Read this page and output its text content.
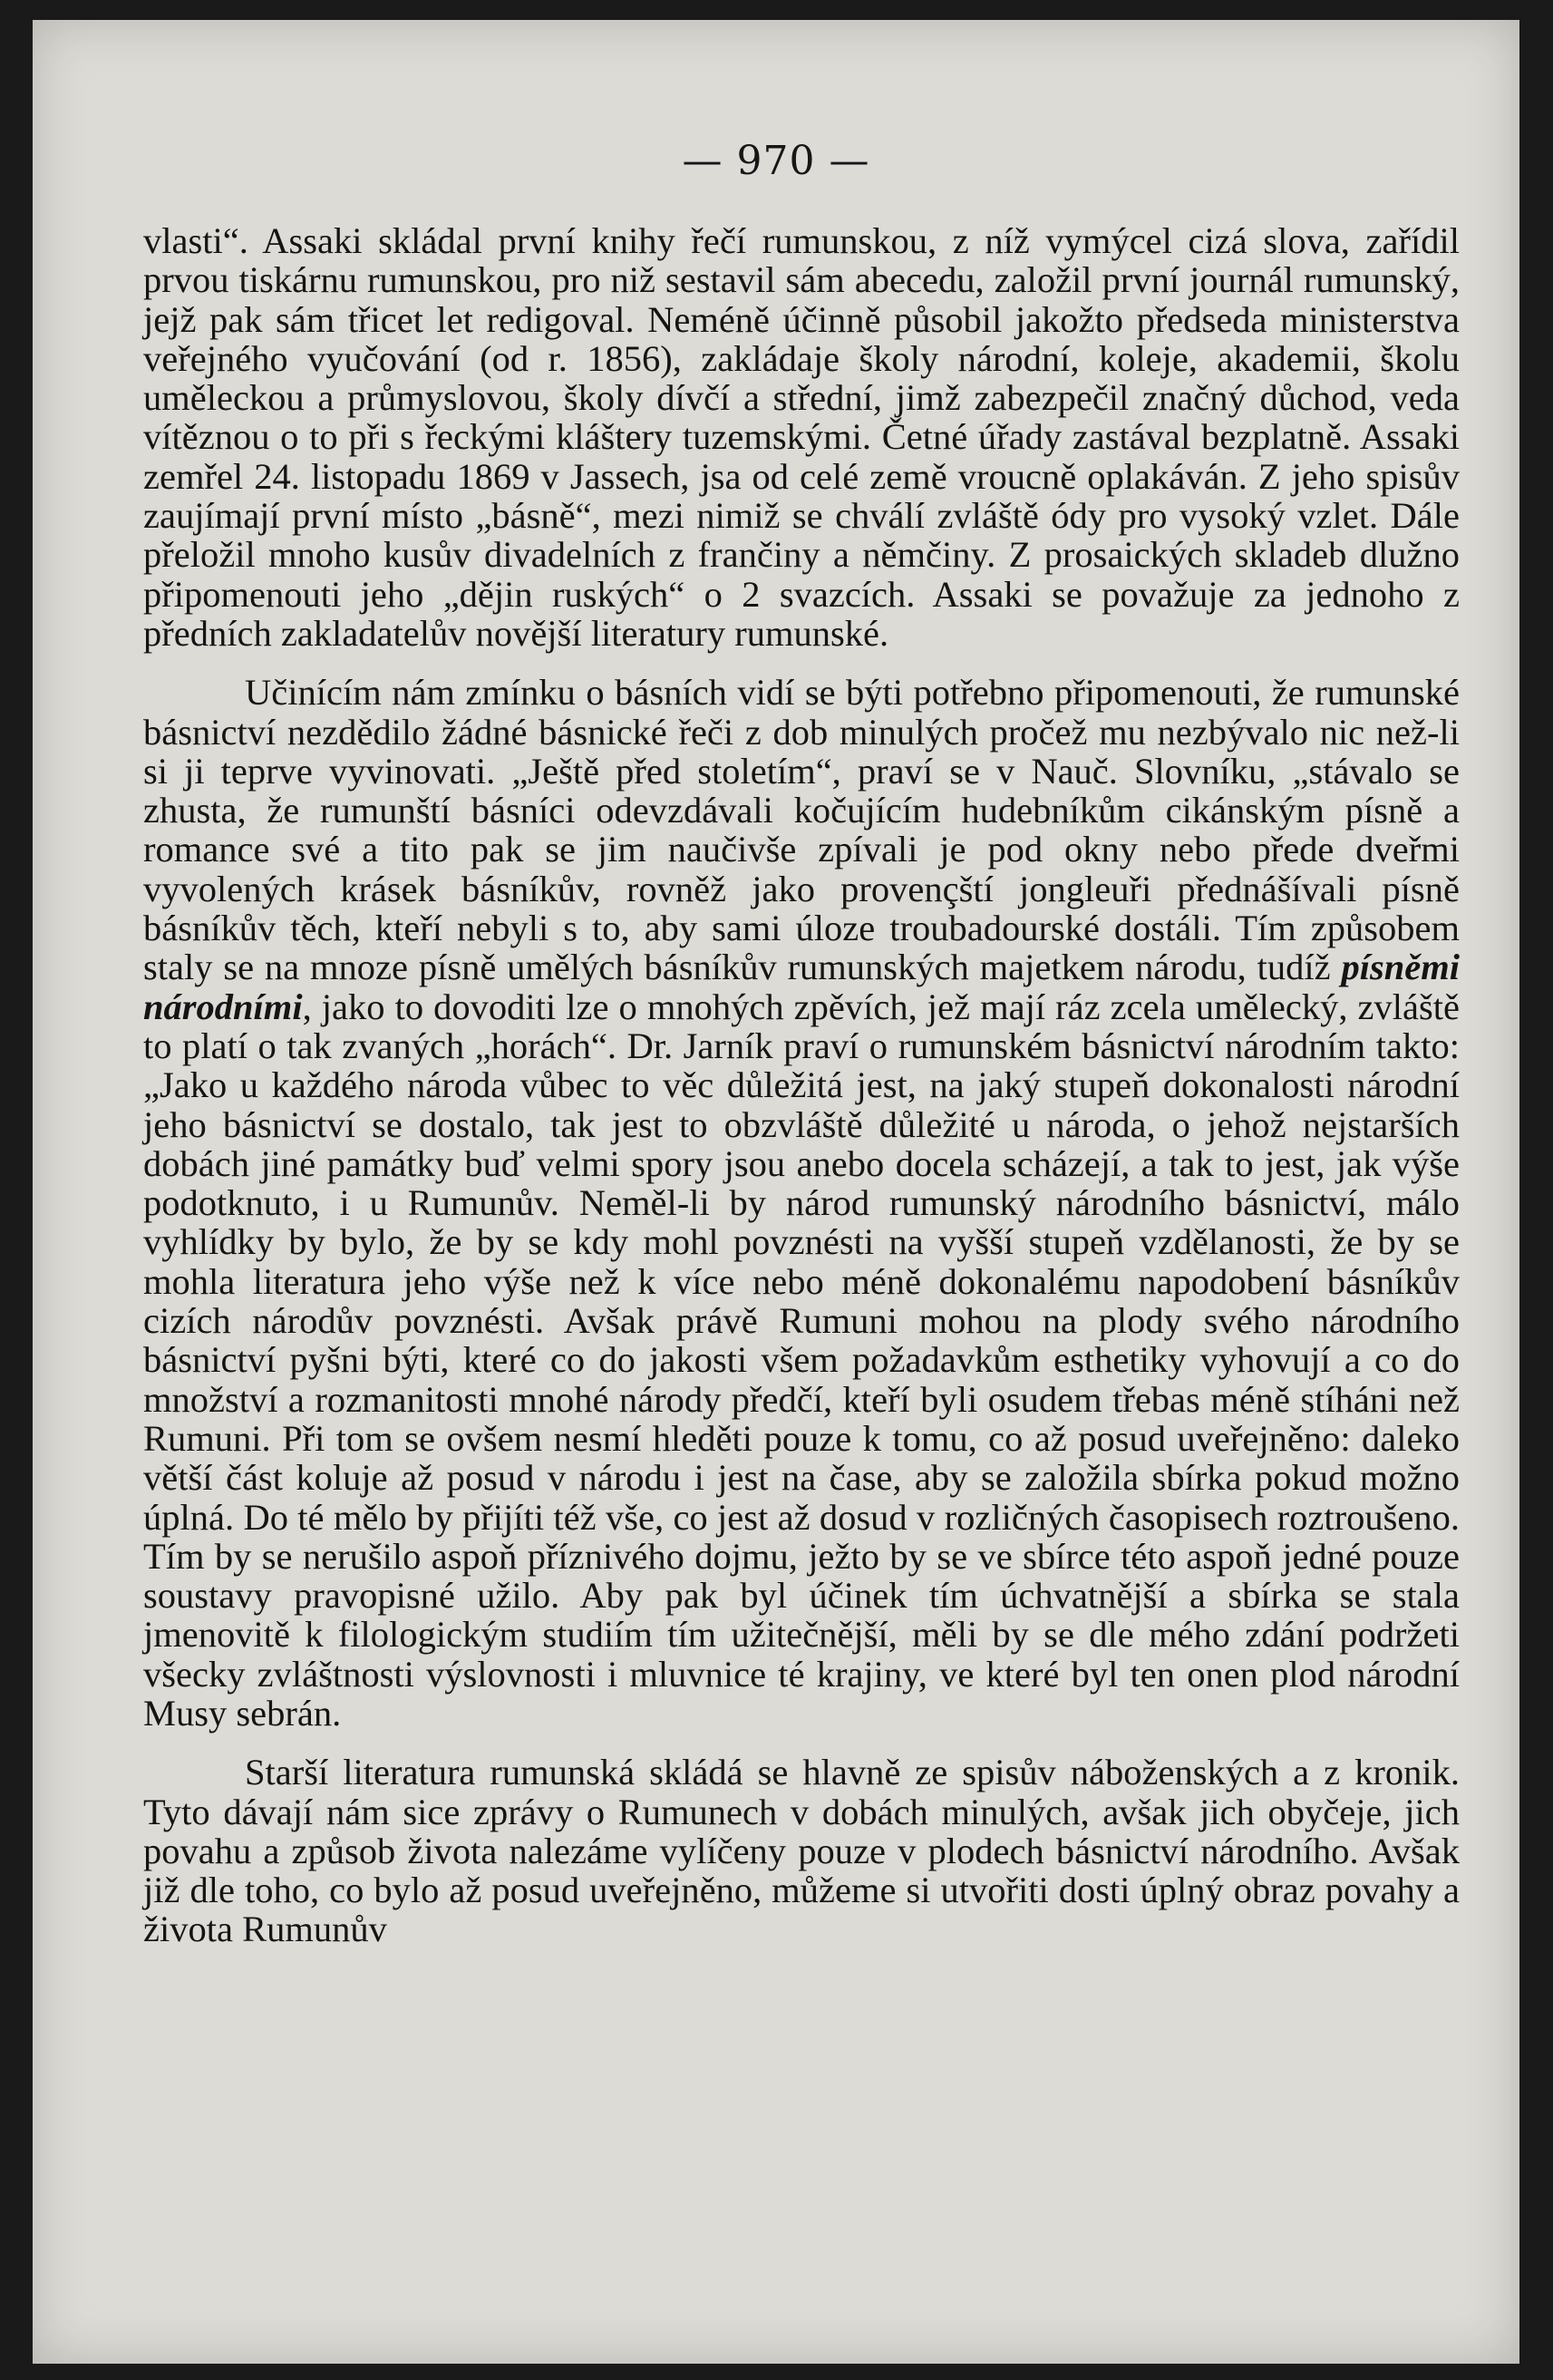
— 970 —

vlasti“. Assaki skládal první knihy řečí rumunskou, z níž vymýcel cizá slova, zařídil prvou tiskárnu rumunskou, pro niž sestavil sám abecedu, založil první journál rumunský, jejž pak sám třicet let redigoval. Neméně účinně působil jakožto předseda ministerstva veřejného vyučování (od r. 1856), zakládaje školy národní, koleje, akademii, školu uměleckou a průmyslovou, školy dívčí a střední, jimž zabezpečil značný důchod, veda vítěznou o to při s řeckými kláštery tuzemskými. Četné úřady zastával bezplatně. Assaki zemřel 24. listopadu 1869 v Jassech, jsa od celé země vroucně oplakáván. Z jeho spisův zaujímají první místo „básně“, mezi nimiž se chválí zvláště ódy pro vysoký vzlet. Dále přeložil mnoho kusův divadelních z frančiny a němčiny. Z prosaických skladeb dlužno připomenouti jeho „dějin ruských“ o 2 svazcích. Assaki se považuje za jednoho z předních zakladatelův novější literatury rumunské.

Učinícím nám zmínku o básních vidí se býti potřebno připomenouti, že rumunské básnictví nezdědilo žádné básnické řeči z dob minulých pročež mu nezbývalo nic než-li si ji teprve vyvinovati. „Ještě před stoletím“, praví se v Nauč. Slovníku, „stávalo se zhusta, že rumunští básníci odevzdávali kočujícím hudebníkům cikánským písně a romance své a tito pak se jim naučivše zpívali je pod okny nebo přede dveřmi vyvolených krásek básníkův, rovněž jako provençští jongleuři přednášívali písně básníkův těch, kteří nebyli s to, aby sami úloze troubadourské dostáli. Tím způsobem staly se na mnoze písně umělých básníkův rumunských majetkem národu, tudíž písněmi národními, jako to dovoditi lze o mnohých zpěvích, jež mají ráz zcela umělecký, zvláště to platí o tak zvaných „horách“. Dr. Jarník praví o rumunském básnictví národním takto: „Jako u každého národa vůbec to věc důležitá jest, na jaký stupeň dokonalosti národní jeho básnictví se dostalo, tak jest to obzvláště důležité u národa, o jehož nejstarších dobách jiné památky buď velmi spory jsou anebo docela scházejí, a tak to jest, jak výše podotknuto, i u Rumunův. Neměl-li by národ rumunský národního básnictví, málo vyhlídky by bylo, že by se kdy mohl povznésti na vyšší stupeň vzdělanosti, že by se mohla literatura jeho výše než k více nebo méně dokonalému napodobení básníkův cizích národův povznésti. Avšak právě Rumuni mohou na plody svého národního básnictví pyšni býti, které co do jakosti všem požadavkům esthetiky vyhovují a co do množství a rozmanitosti mnohé národy předčí, kteří byli osudem třebas méně stíháni než Rumuni. Při tom se ovšem nesmí hleděti pouze k tomu, co až posud uveřejněno: daleko větší část koluje až posud v národu i jest na čase, aby se založila sbírka pokud možno úplná. Do té mělo by přijíti též vše, co jest až dosud v rozličných časopisech roztroušeno. Tím by se nerušilo aspoň příznivého dojmu, ježto by se ve sbírce této aspoň jedné pouze soustavy pravopisné užilo. Aby pak byl účinek tím úchvatnější a sbírka se stala jmenovitě k filologickým studiím tím užitečnější, měli by se dle mého zdání podržeti všecky zvláštnosti výslovnosti i mluvnice té krajiny, ve které byl ten onen plod národní Musy sebrán.

Starší literatura rumunská skládá se hlavně ze spisův náboženských a z kronik. Tyto dávají nám sice zprávy o Rumunech v dobách minulých, avšak jich obyčeje, jich povahu a způsob života nalezáme vylíčeny pouze v plodech básnictví národního. Avšak již dle toho, co bylo až posud uveřejněno, můžeme si utvořiti dosti úplný obraz povahy a života Rumunův
